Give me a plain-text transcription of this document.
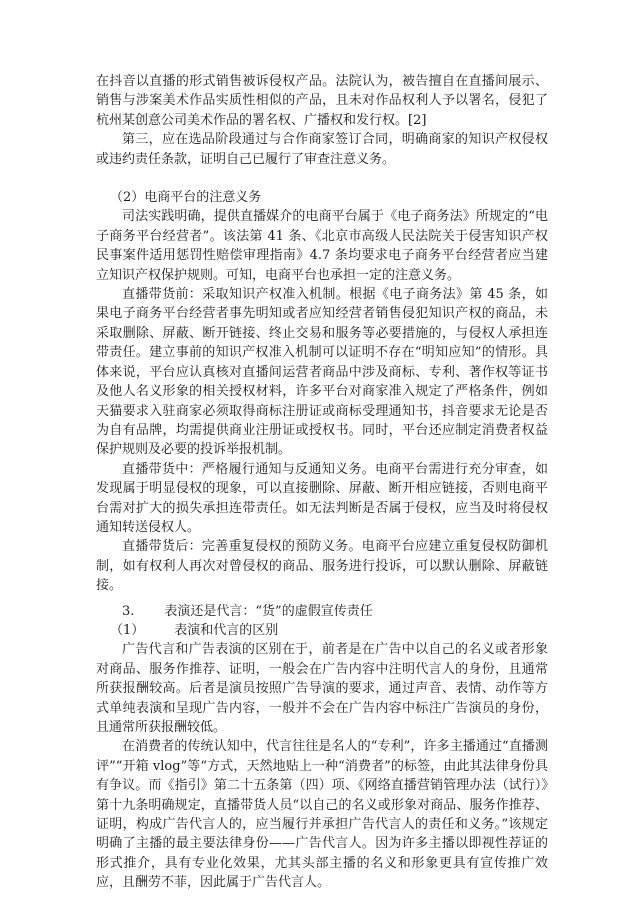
在抖音以直播的形式销售被诉侵权产品。法院认为，被告擅自在直播间展示、销售与涉案美术作品实质性相似的产品，且未对作品权利人予以署名，侵犯了杭州某创意公司美术作品的署名权、广播权和发行权。[2]

第三，应在选品阶段通过与合作商家签订合同，明确商家的知识产权侵权或违约责任条款，证明自己已履行了审查注意义务。

（2）电商平台的注意义务

司法实践明确，提供直播媒介的电商平台属于《电子商务法》所规定的“电子商务平台经营者”。该法第 41 条、《北京市高级人民法院关于侵害知识产权民事案件适用惩罚性赔偿审理指南》4.7 条均要求电子商务平台经营者应当建立知识产权保护规则。可知，电商平台也承担一定的注意义务。

直播带货前：采取知识产权准入机制。根据《电子商务法》第 45 条，如果电子商务平台经营者事先明知或者应知经营者销售侵犯知识产权的商品，未采取删除、屏蔽、断开链接、终止交易和服务等必要措施的，与侵权人承担连带责任。建立事前的知识产权准入机制可以证明不存在“明知应知”的情形。具体来说，平台应认真核对直播间运营者商品中涉及商标、专利、著作权等证书及他人名义形象的相关授权材料，许多平台对商家准入规定了严格条件，例如天猫要求入驻商家必须取得商标注册证或商标受理通知书，抖音要求无论是否为自有品牌，均需提供商业注册证或授权书。同时，平台还应制定消费者权益保护规则及必要的投诉举报机制。

直播带货中：严格履行通知与反通知义务。电商平台需进行充分审查，如发现属于明显侵权的现象，可以直接删除、屏蔽、断开相应链接，否则电商平台需对扩大的损失承担连带责任。如无法判断是否属于侵权，应当及时将侵权通知转送侵权人。

直播带货后：完善重复侵权的预防义务。电商平台应建立重复侵权防御机制，如有权利人再次对曾侵权的商品、服务进行投诉，可以默认删除、屏蔽链接。

3. 表演还是代言：“货”的虚假宣传责任

（1） 表演和代言的区别

广告代言和广告表演的区别在于，前者是在广告中以自己的名义或者形象对商品、服务作推荐、证明，一般会在广告内容中注明代言人的身份，且通常所获报酬较高。后者是演员按照广告导演的要求，通过声音、表情、动作等方式单纯表演和呈现广告内容，一般并不会在广告内容中标注广告演员的身份，且通常所获报酬较低。

在消费者的传统认知中，代言往往是名人的“专利”，许多主播通过“直播测评”“开箱 vlog”等“方式，天然地贴上一种“消费者”的标签，由此其法律身份具有争议。而《指引》第二十五条第（四）项、《网络直播营销管理办法（试行）》第十九条明确规定，直播带货人员“以自己的名义或形象对商品、服务作推荐、证明，构成广告代言人的，应当履行并承担广告代言人的责任和义务。”该规定明确了主播的最主要法律身份——广告代言人。因为许多主播以即视性荐证的形式推介，具有专业化效果，尤其头部主播的名义和形象更具有宣传推广效应，且酬劳不菲，因此属于广告代言人。
